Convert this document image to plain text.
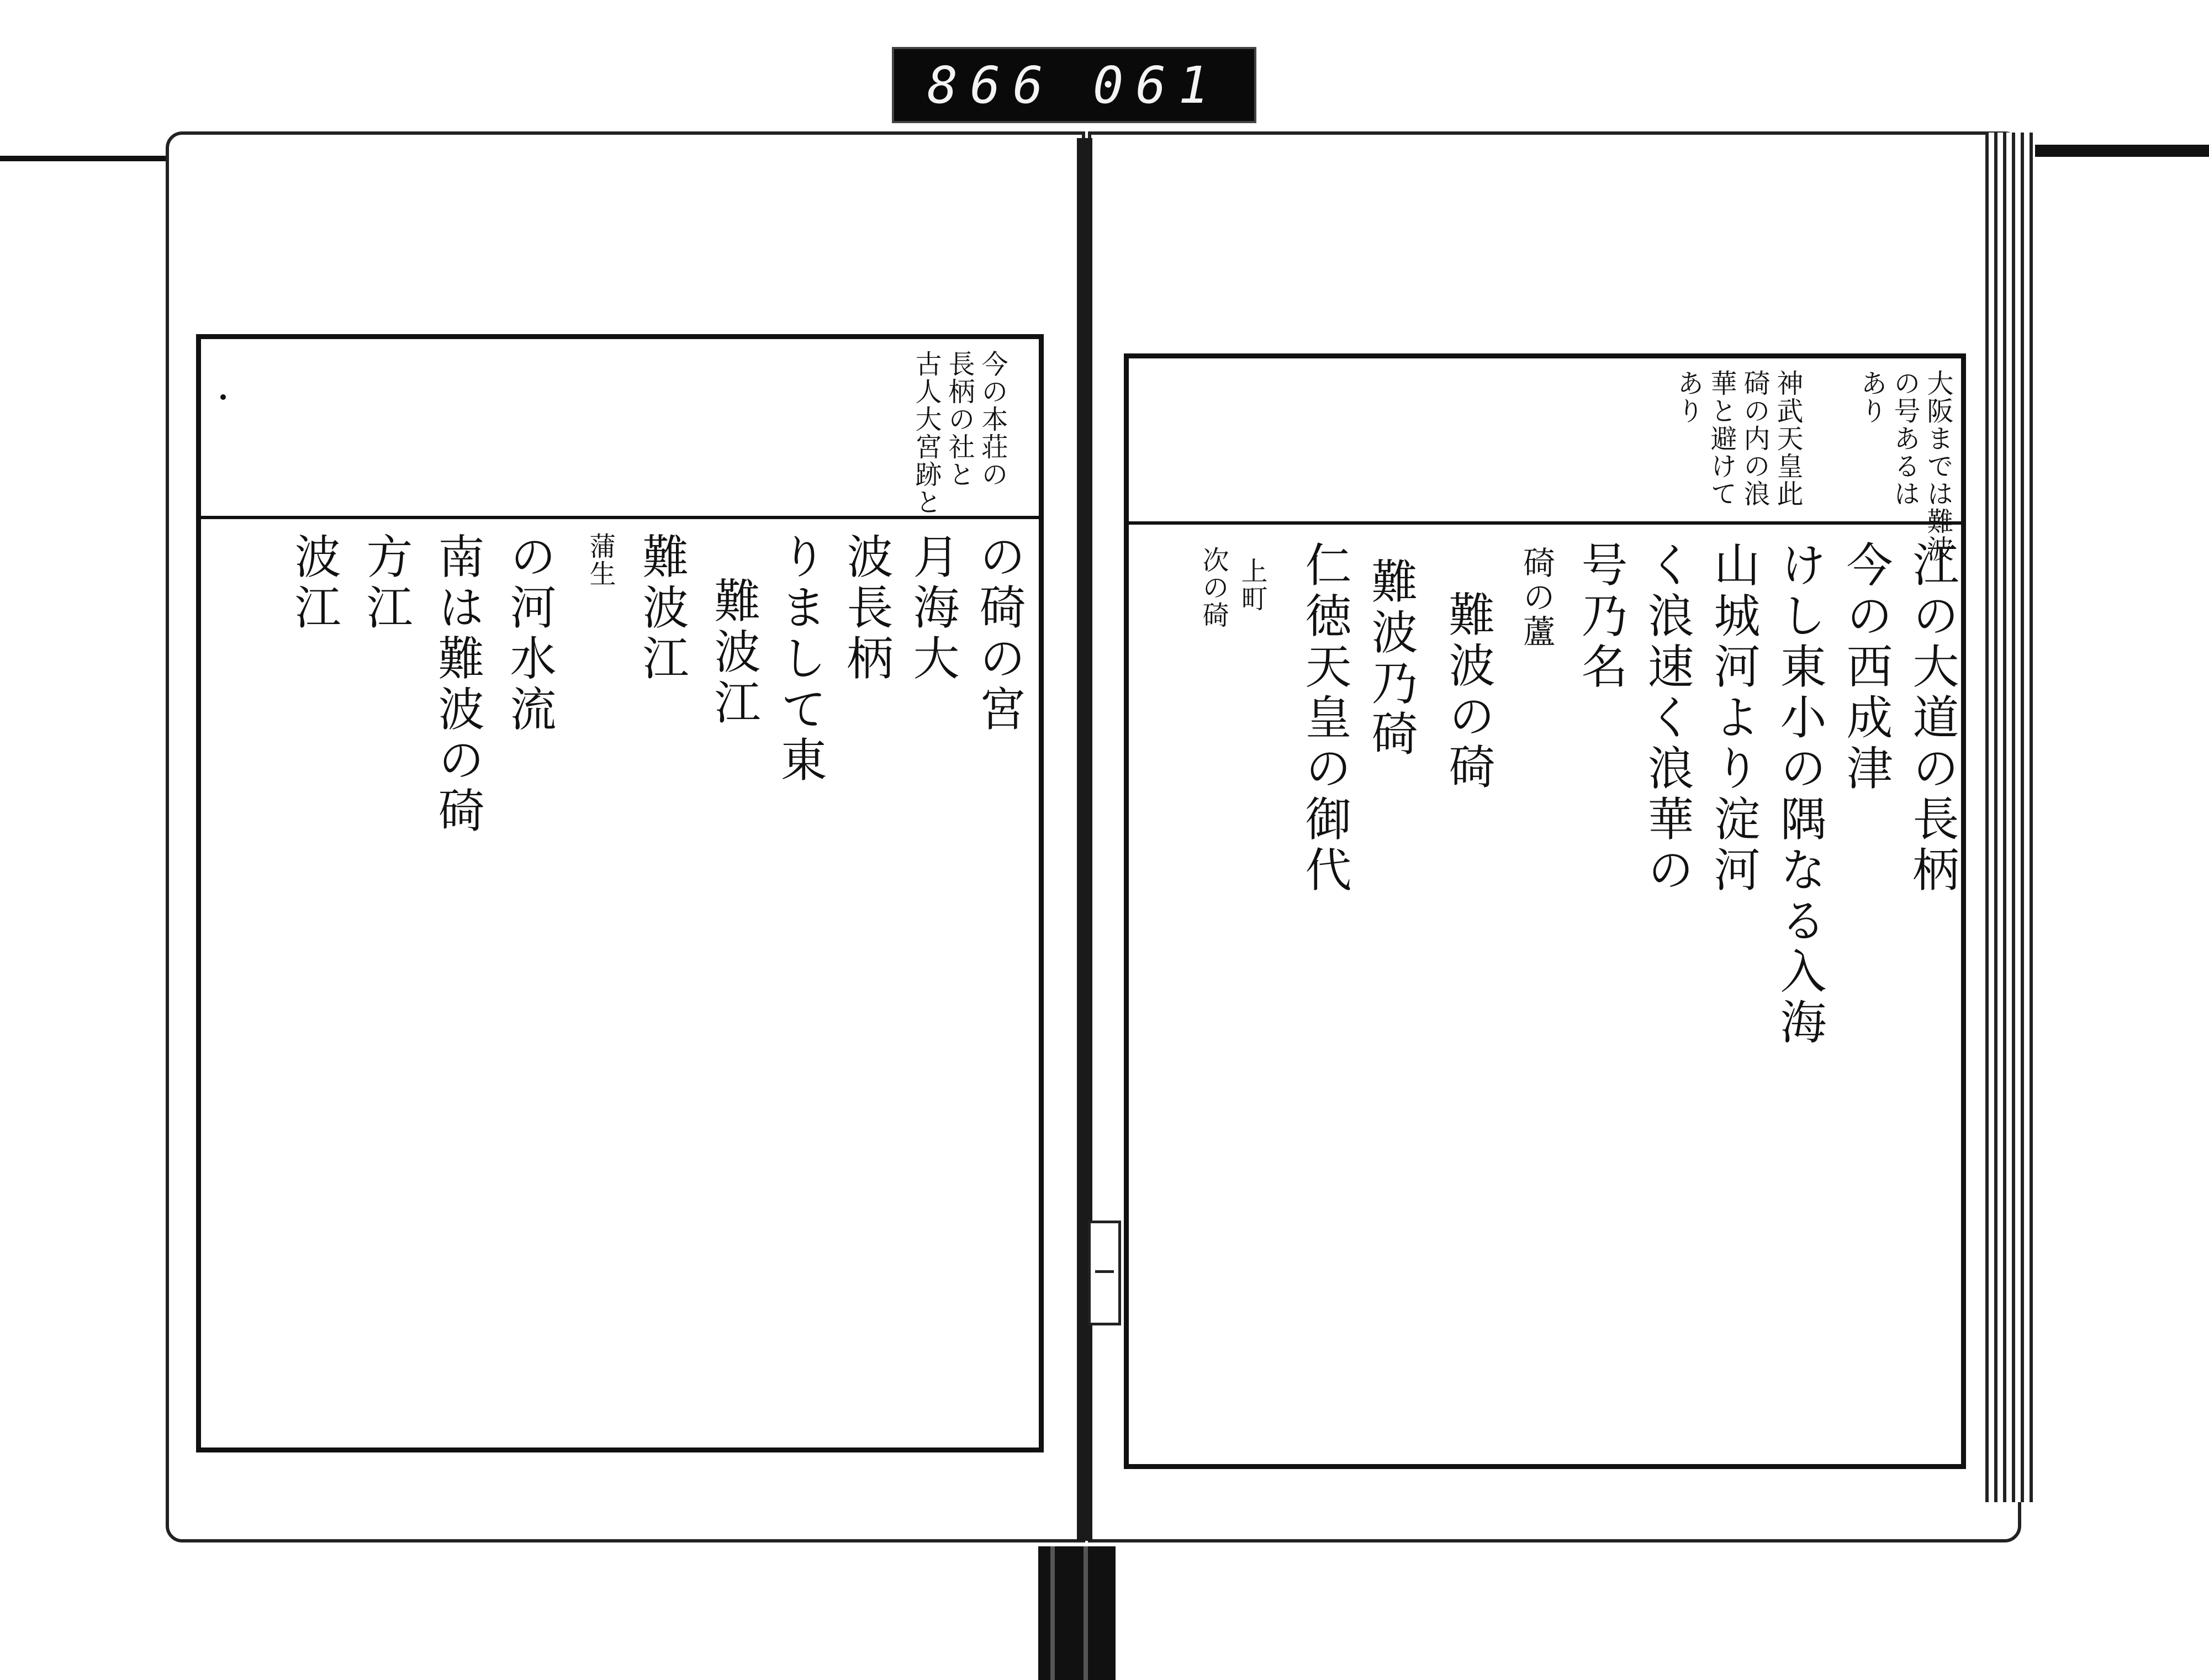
866 061
大阪までは難波
の号あるは
あり
神武天皇此
碕の内の浪
華と避けて
あり
江の大道の長柄
今の西成津
けし東小の隅なる入海
山城河より淀河
く浪速く浪華の
号乃名
碕の蘆
難波の碕
難波乃碕
仁徳天皇の御代
上町
次の碕
今の本荘の
長柄の社と
古人大宮跡と
の碕の宮
月海大
波長柄
りまして東
難波江
難波江
蒲生
の河水流
南は難波の碕
方江
波江
